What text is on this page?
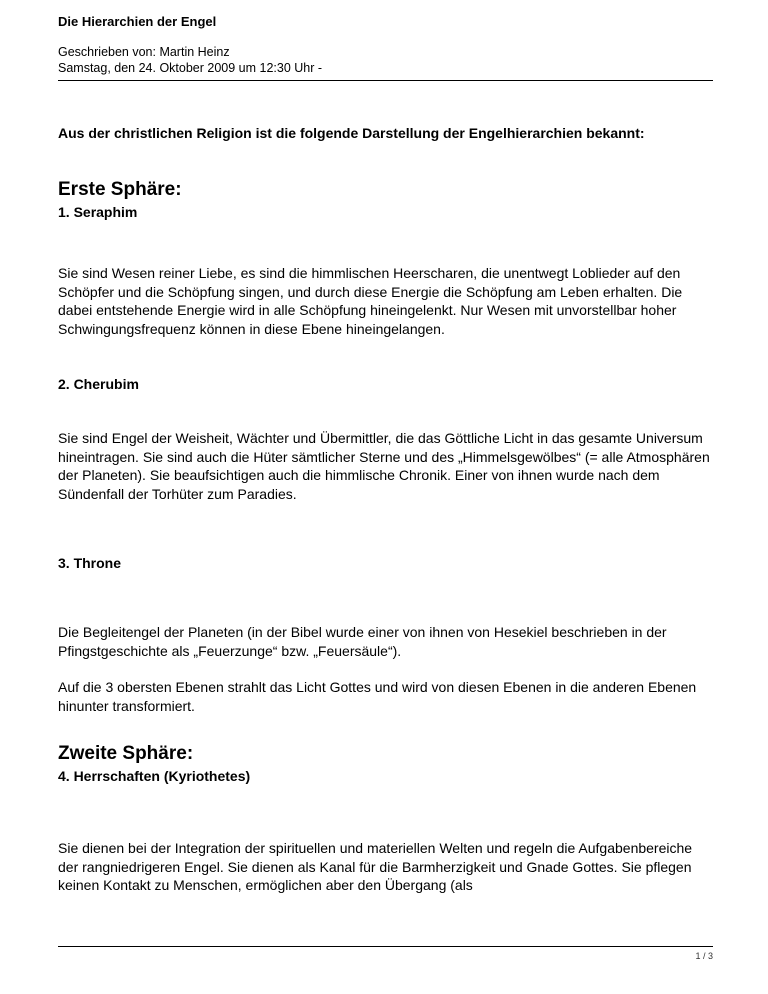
Die Hierarchien der Engel
Geschrieben von: Martin Heinz
Samstag, den 24. Oktober 2009 um 12:30 Uhr -
Aus der christlichen Religion ist die folgende Darstellung der Engelhierarchien bekannt:
Erste Sphäre:
1. Seraphim

Sie sind Wesen reiner Liebe, es sind die himmlischen Heerscharen, die unentwegt Loblieder auf den Schöpfer und die Schöpfung singen, und durch diese Energie die Schöpfung am Leben erhalten. Die dabei entstehende Energie wird in alle Schöpfung hineingelenkt. Nur Wesen mit unvorstellbar hoher Schwingungsfrequenz können in diese Ebene hineingelangen.

2. Cherubim

Sie sind Engel der Weisheit, Wächter und Übermittler, die das Göttliche Licht in das gesamte Universum hineintragen. Sie sind auch die Hüter sämtlicher Sterne und des „Himmelsgewölbes“ (= alle Atmosphären der Planeten). Sie beaufsichtigen auch die himmlische Chronik. Einer von ihnen wurde nach dem Sündenfall der Torhüter zum Paradies.

3. Throne

Die Begleitengel der Planeten (in der Bibel wurde einer von ihnen von Hesekiel beschrieben in der Pfingstgeschichte als „Feuerzunge“ bzw. „Feuersäule“).

Auf die 3 obersten Ebenen strahlt das Licht Gottes und wird von diesen Ebenen in die anderen Ebenen hinunter transformiert.

Zweite Sphäre:
4. Herrschaften (Kyriothetes)

Sie dienen bei der Integration der spirituellen und materiellen Welten und regeln die Aufgabenbereiche der rangniedrigeren Engel. Sie dienen als Kanal für die Barmherzigkeit und Gnade Gottes. Sie pflegen keinen Kontakt zu Menschen, ermöglichen aber den Übergang (als

1 / 3
